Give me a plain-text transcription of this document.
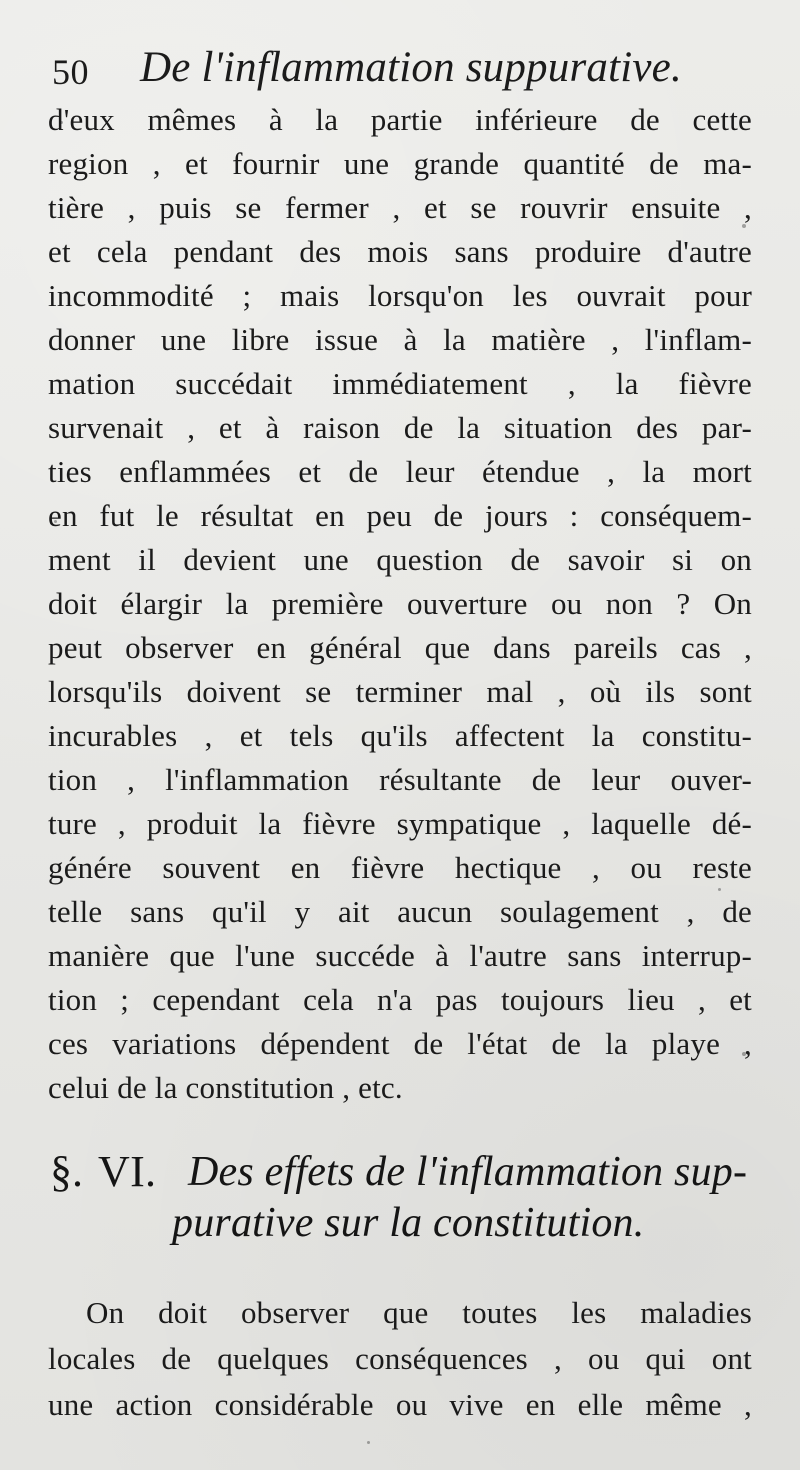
50 De l'inflammation suppurative.
d'eux mêmes à la partie inférieure de cette
region , et fournir une grande quantité de ma-
tière , puis se fermer , et se rouvrir ensuite ,
et cela pendant des mois sans produire d'autre
incommodité ; mais lorsqu'on les ouvrait pour
donner une libre issue à la matière , l'inflam-
mation succédait immédiatement , la fièvre
survenait , et à raison de la situation des par-
ties enflammées et de leur étendue , la mort
en fut le résultat en peu de jours : conséquem-
ment il devient une question de savoir si on
doit élargir la première ouverture ou non ? On
peut observer en général que dans pareils cas ,
lorsqu'ils doivent se terminer mal , où ils sont
incurables , et tels qu'ils affectent la constitu-
tion , l'inflammation résultante de leur ouver-
ture , produit la fièvre sympatique , laquelle dé-
génére souvent en fièvre hectique , ou reste
telle sans qu'il y ait aucun soulagement , de
manière que l'une succéde à l'autre sans interrup-
tion ; cependant cela n'a pas toujours lieu , et
ces variations dépendent de l'état de la playe ,
celui de la constitution , etc.
§. VI. Des effets de l'inflammation sup-
purative sur la constitution.
On doit observer que toutes les maladies
locales de quelques conséquences , ou qui ont
une action considérable ou vive en elle même ,
